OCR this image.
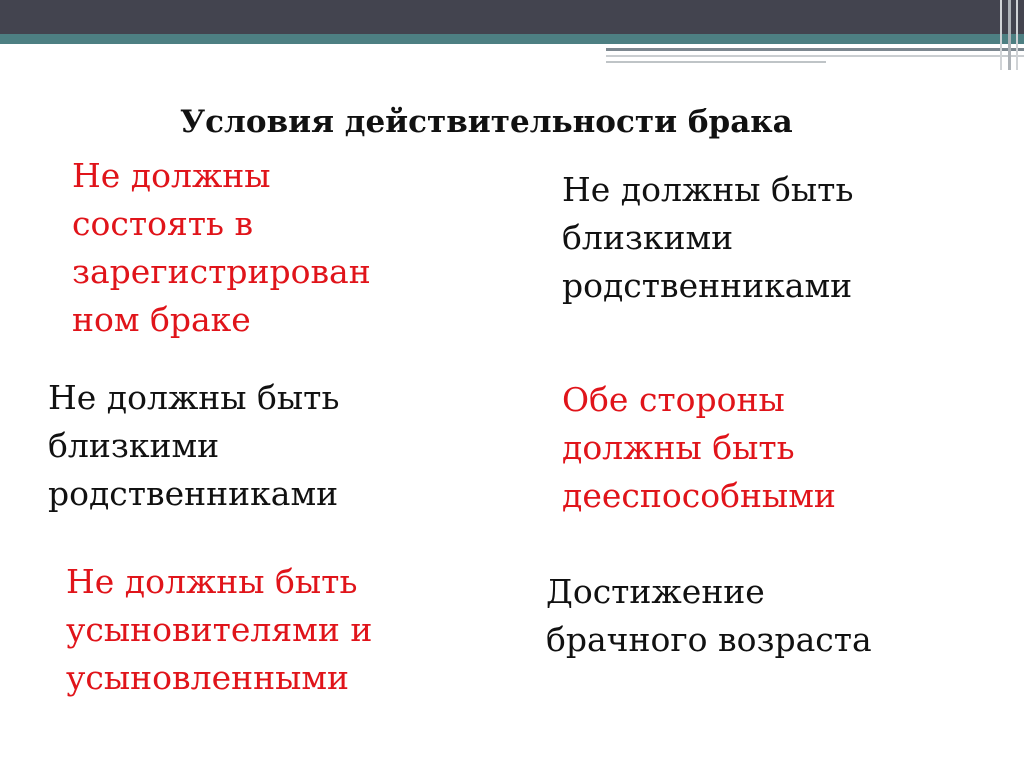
Условия действительности брака
Не должны
состоять в
зарегистрирован
ном браке
Не должны быть
близкими
родственниками
Не должны быть
близкими
родственниками
Обе стороны
должны быть
дееспособными
Не должны быть
усыновителями и
усыновленными
Достижение
брачного возраста
